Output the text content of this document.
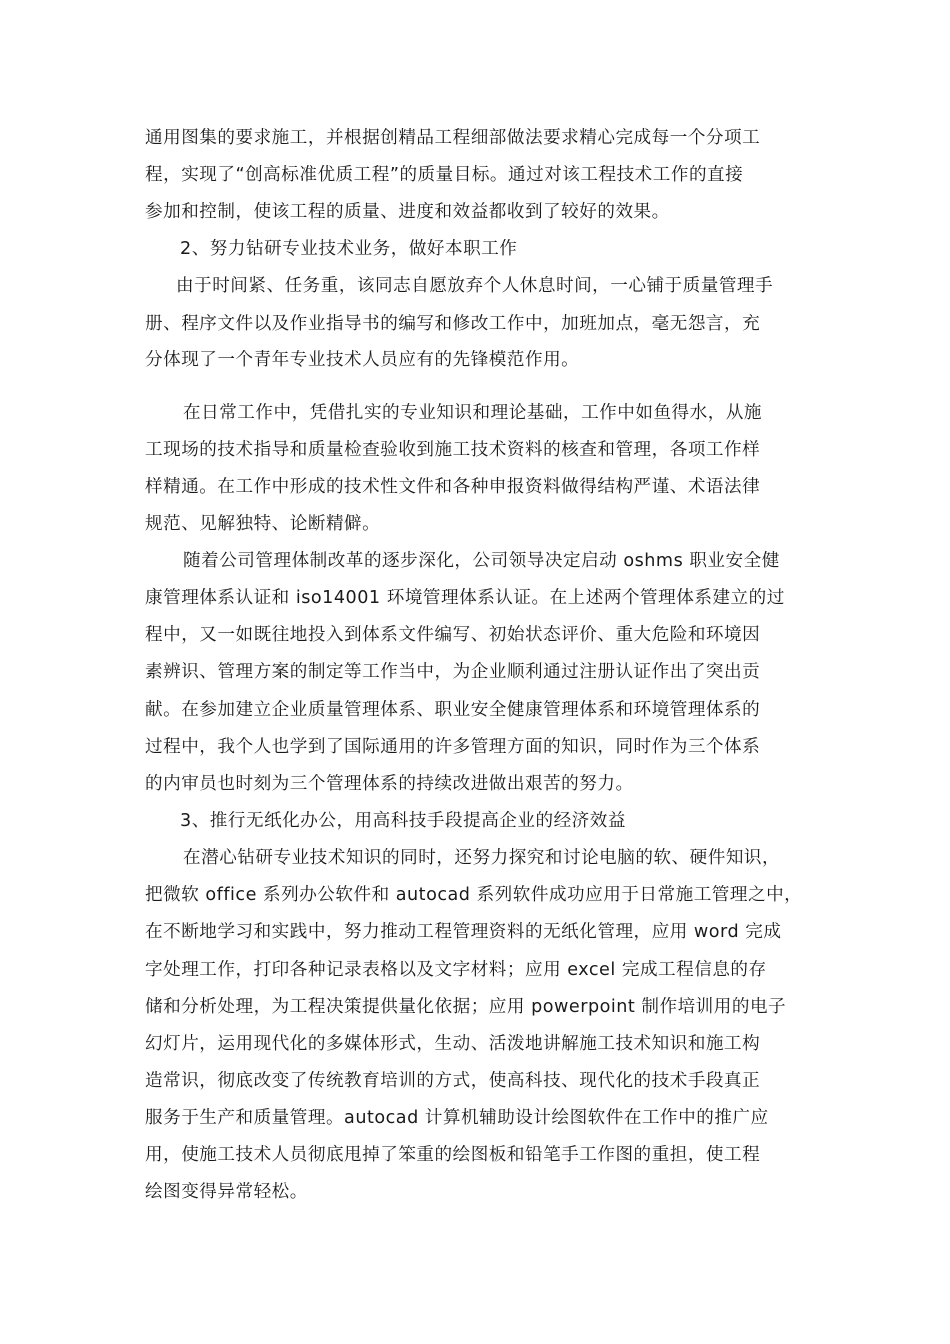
通用图集的要求施工，并根据创精品工程细部做法要求精心完成每一个分项工
程，实现了“创高标准优质工程”的质量目标。通过对该工程技术工作的直接
参加和控制，使该工程的质量、进度和效益都收到了较好的效果。
2、努力钻研专业技术业务，做好本职工作
由于时间紧、任务重，该同志自愿放弃个人休息时间，一心铺于质量管理手
册、程序文件以及作业指导书的编写和修改工作中，加班加点，毫无怨言，充
分体现了一个青年专业技术人员应有的先锋模范作用。
在日常工作中，凭借扎实的专业知识和理论基础，工作中如鱼得水，从施
工现场的技术指导和质量检查验收到施工技术资料的核查和管理，各项工作样
样精通。在工作中形成的技术性文件和各种申报资料做得结构严谨、术语法律
规范、见解独特、论断精僻。
随着公司管理体制改革的逐步深化，公司领导决定启动 oshms 职业安全健
康管理体系认证和 iso14001 环境管理体系认证。在上述两个管理体系建立的过
程中，又一如既往地投入到体系文件编写、初始状态评价、重大危险和环境因
素辨识、管理方案的制定等工作当中，为企业顺利通过注册认证作出了突出贡
献。在参加建立企业质量管理体系、职业安全健康管理体系和环境管理体系的
过程中，我个人也学到了国际通用的许多管理方面的知识，同时作为三个体系
的内审员也时刻为三个管理体系的持续改进做出艰苦的努力。
3、推行无纸化办公，用高科技手段提高企业的经济效益
在潜心钻研专业技术知识的同时，还努力探究和讨论电脑的软、硬件知识，
把微软 office 系列办公软件和 autocad 系列软件成功应用于日常施工管理之中，
在不断地学习和实践中，努力推动工程管理资料的无纸化管理，应用 word 完成
字处理工作，打印各种记录表格以及文字材料；应用 excel 完成工程信息的存
储和分析处理，为工程决策提供量化依据；应用 powerpoint 制作培训用的电子
幻灯片，运用现代化的多媒体形式，生动、活泼地讲解施工技术知识和施工构
造常识，彻底改变了传统教育培训的方式，使高科技、现代化的技术手段真正
服务于生产和质量管理。autocad 计算机辅助设计绘图软件在工作中的推广应
用，使施工技术人员彻底甩掉了笨重的绘图板和铅笔手工作图的重担，使工程
绘图变得异常轻松。
